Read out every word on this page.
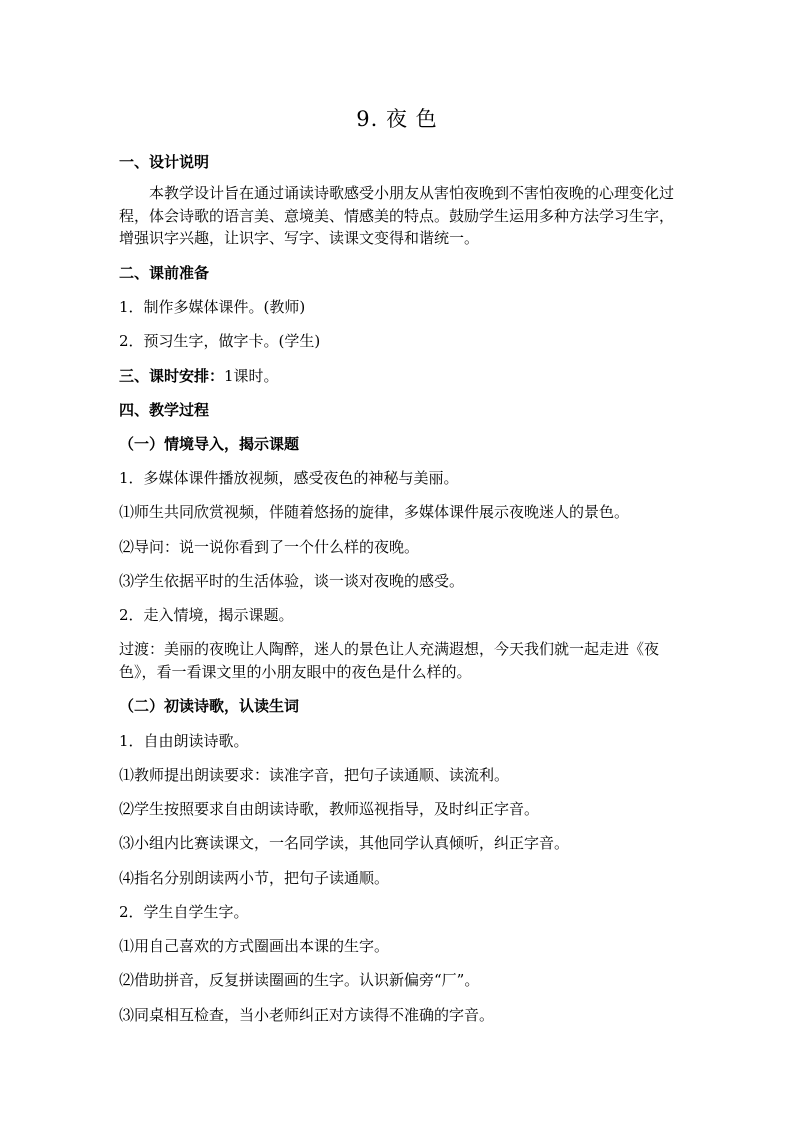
9. 夜 色
一、设计说明
本教学设计旨在通过诵读诗歌感受小朋友从害怕夜晚到不害怕夜晚的心理变化过程，体会诗歌的语言美、意境美、情感美的特点。鼓励学生运用多种方法学习生字，增强识字兴趣，让识字、写字、读课文变得和谐统一。
二、课前准备
1．制作多媒体课件。(教师)
2．预习生字，做字卡。(学生)
三、课时安排：1课时。
四、教学过程
（一）情境导入，揭示课题
1．多媒体课件播放视频，感受夜色的神秘与美丽。
⑴师生共同欣赏视频，伴随着悠扬的旋律，多媒体课件展示夜晚迷人的景色。
⑵导问：说一说你看到了一个什么样的夜晚。
⑶学生依据平时的生活体验，谈一谈对夜晚的感受。
2．走入情境，揭示课题。
过渡：美丽的夜晚让人陶醉，迷人的景色让人充满遐想，今天我们就一起走进《夜色》，看一看课文里的小朋友眼中的夜色是什么样的。
（二）初读诗歌，认读生词
1．自由朗读诗歌。
⑴教师提出朗读要求：读准字音，把句子读通顺、读流利。
⑵学生按照要求自由朗读诗歌，教师巡视指导，及时纠正字音。
⑶小组内比赛读课文，一名同学读，其他同学认真倾听，纠正字音。
⑷指名分别朗读两小节，把句子读通顺。
2．学生自学生字。
⑴用自己喜欢的方式圈画出本课的生字。
⑵借助拼音，反复拼读圈画的生字。认识新偏旁“厂”。
⑶同桌相互检查，当小老师纠正对方读得不准确的字音。
